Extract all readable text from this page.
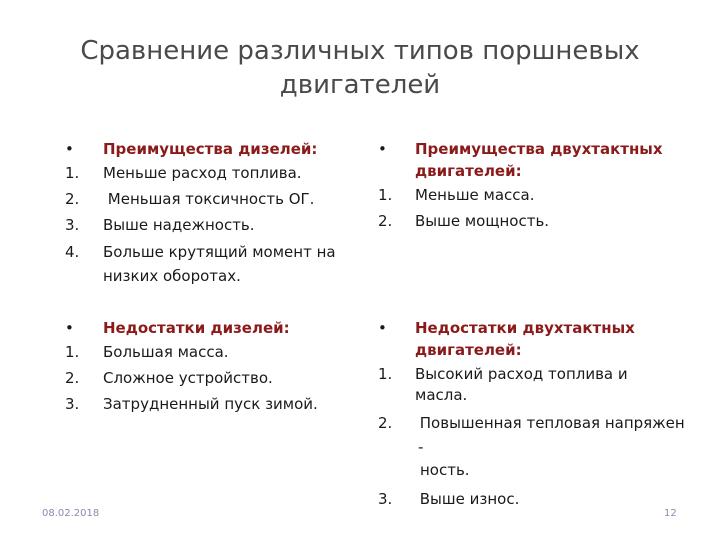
Сравнение различных типов поршневых двигателей
• Преимущества дизелей:
1. Меньше расход топлива.
2. Меньшая токсичность ОГ.
3. Выше надежность.
4. Больше крутящий момент на низких оборотах.
• Недостатки дизелей:
1. Большая масса.
2. Сложное устройство.
3. Затрудненный пуск зимой.
• Преимущества двухтактных двигателей:
1. Меньше масса.
2. Выше мощность.
• Недостатки двухтактных двигателей:
1. Высокий расход топлива и масла.
2. Повышенная тепловая напряжен
-
ность.
3. Выше износ.
08.02.2018	12
